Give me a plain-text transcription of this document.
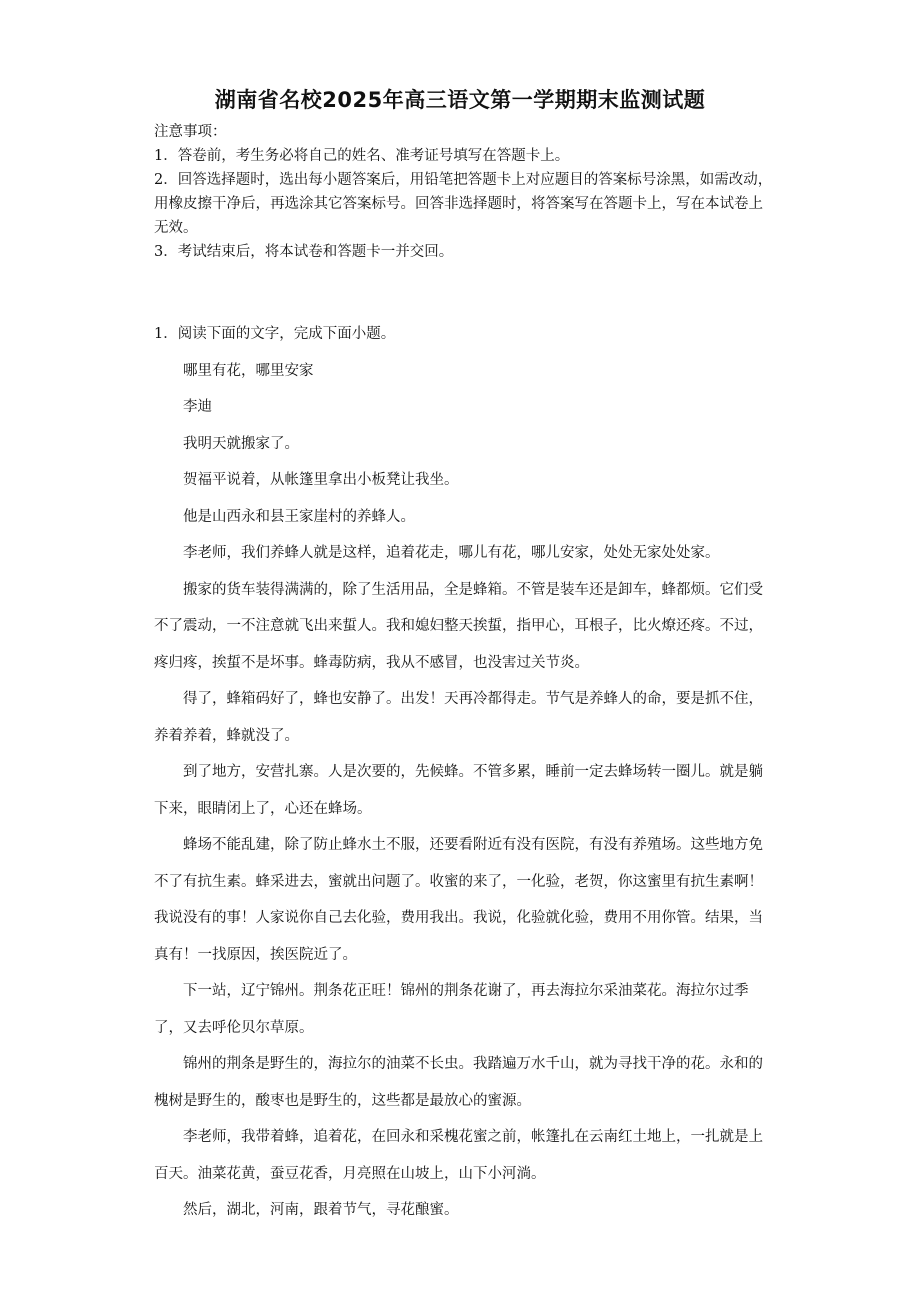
湖南省名校2025年高三语文第一学期期末监测试题

注意事项：

1．答卷前，考生务必将自己的姓名、准考证号填写在答题卡上。

2．回答选择题时，选出每小题答案后，用铅笔把答题卡上对应题目的答案标号涂黑，如需改动，用橡皮擦干净后，再选涂其它答案标号。回答非选择题时，将答案写在答题卡上，写在本试卷上无效。

3．考试结束后，将本试卷和答题卡一并交回。

1．阅读下面的文字，完成下面小题。

哪里有花，哪里安家

李迪

我明天就搬家了。

贺福平说着，从帐篷里拿出小板凳让我坐。

他是山西永和县王家崖村的养蜂人。

李老师，我们养蜂人就是这样，追着花走，哪儿有花，哪儿安家，处处无家处处家。

搬家的货车装得满满的，除了生活用品，全是蜂箱。不管是装车还是卸车，蜂都烦。它们受不了震动，一不注意就飞出来蜇人。我和媳妇整天挨蜇，指甲心，耳根子，比火燎还疼。不过，疼归疼，挨蜇不是坏事。蜂毒防病，我从不感冒，也没害过关节炎。

得了，蜂箱码好了，蜂也安静了。出发！天再冷都得走。节气是养蜂人的命，要是抓不住，养着养着，蜂就没了。

到了地方，安营扎寨。人是次要的，先候蜂。不管多累，睡前一定去蜂场转一圈儿。就是躺下来，眼睛闭上了，心还在蜂场。

蜂场不能乱建，除了防止蜂水土不服，还要看附近有没有医院，有没有养殖场。这些地方免不了有抗生素。蜂采进去，蜜就出问题了。收蜜的来了，一化验，老贺，你这蜜里有抗生素啊！我说没有的事！人家说你自己去化验，费用我出。我说，化验就化验，费用不用你管。结果，当真有！一找原因，挨医院近了。

下一站，辽宁锦州。荆条花正旺！锦州的荆条花谢了，再去海拉尔采油菜花。海拉尔过季了，又去呼伦贝尔草原。

锦州的荆条是野生的，海拉尔的油菜不长虫。我踏遍万水千山，就为寻找干净的花。永和的槐树是野生的，酸枣也是野生的，这些都是最放心的蜜源。

李老师，我带着蜂，追着花，在回永和采槐花蜜之前，帐篷扎在云南红土地上，一扎就是上百天。油菜花黄，蚕豆花香，月亮照在山坡上，山下小河淌。

然后，湖北，河南，跟着节气，寻花酿蜜。
